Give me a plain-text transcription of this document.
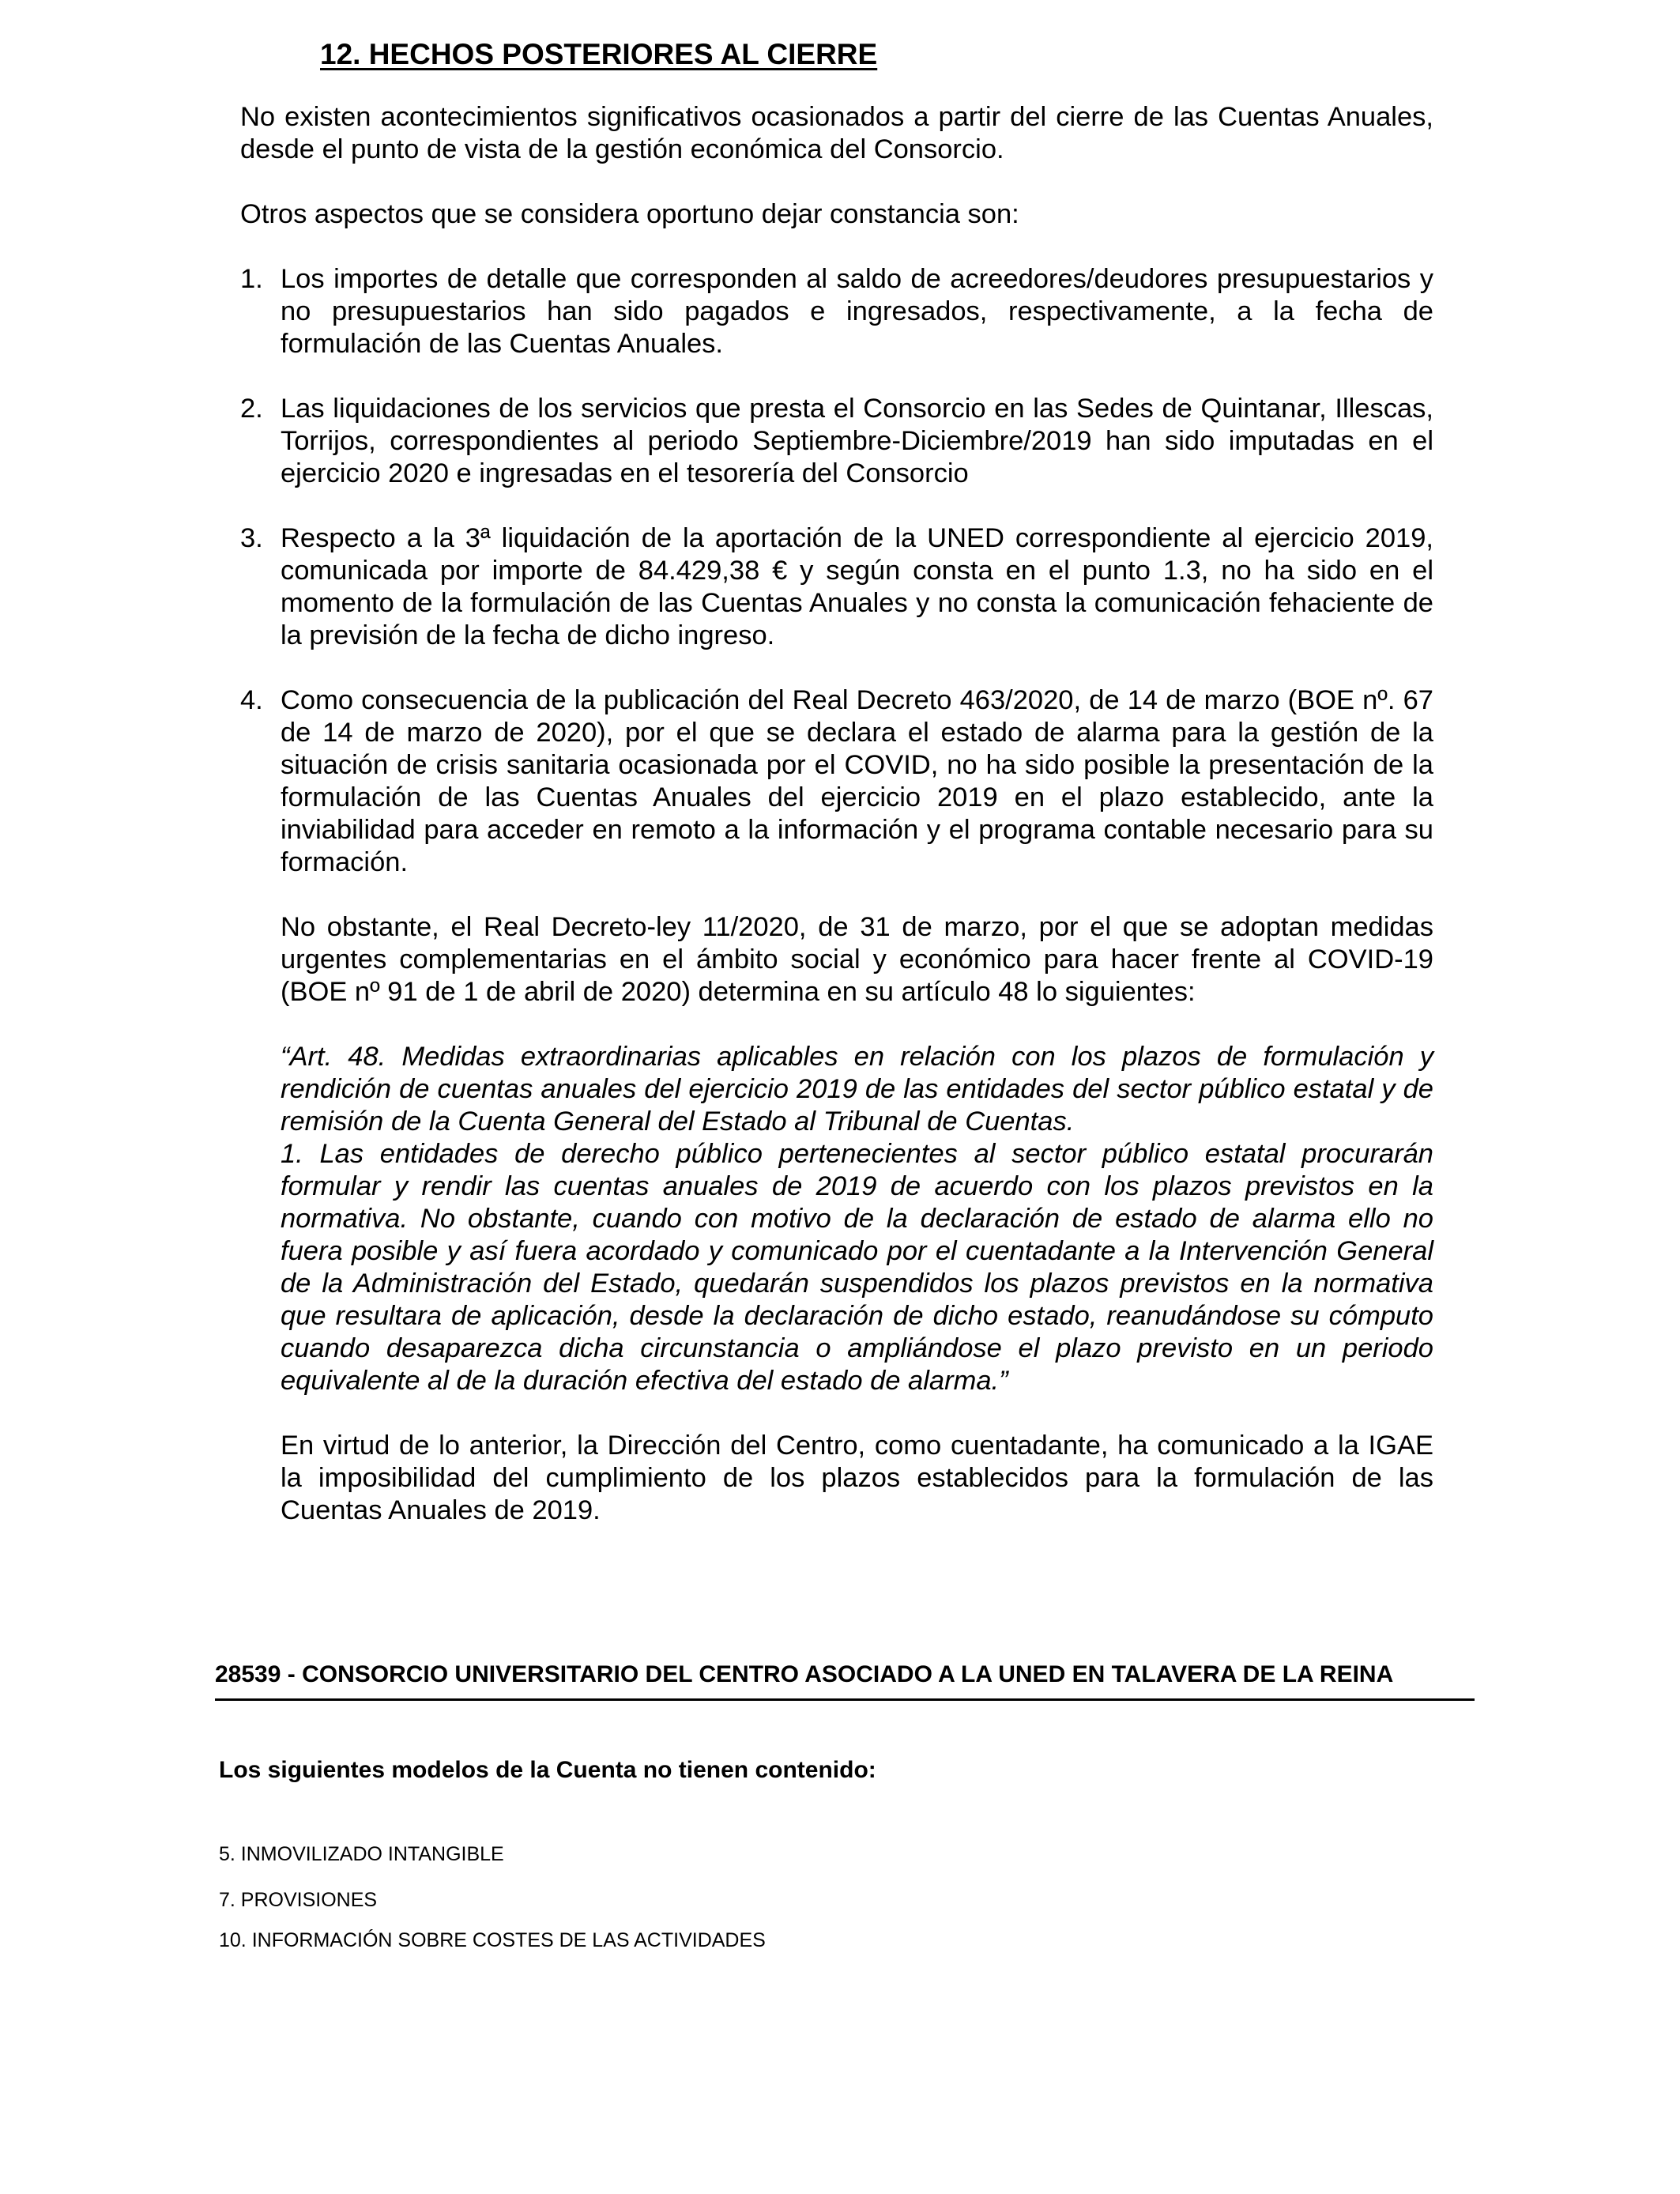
12. HECHOS POSTERIORES AL CIERRE

No existen acontecimientos significativos ocasionados a partir del cierre de las Cuentas Anuales, desde el punto de vista de la gestión económica del Consorcio.

Otros aspectos que se considera oportuno dejar constancia son:

1. Los importes de detalle que corresponden al saldo de acreedores/deudores presupuestarios y no presupuestarios han sido pagados e ingresados, respectivamente, a la fecha de formulación de las Cuentas Anuales.

2. Las liquidaciones de los servicios que presta el Consorcio en las Sedes de Quintanar, Illescas, Torrijos, correspondientes al periodo Septiembre-Diciembre/2019 han sido imputadas en el ejercicio 2020 e ingresadas en el tesorería del Consorcio

3. Respecto a la 3ª liquidación de la aportación de la UNED correspondiente al ejercicio 2019, comunicada por importe de 84.429,38 € y según consta en el punto 1.3, no ha sido en el momento de la formulación de las Cuentas Anuales y no consta la comunicación fehaciente de la previsión de la fecha de dicho ingreso.

4. Como consecuencia de la publicación del Real Decreto 463/2020, de 14 de marzo (BOE nº. 67 de 14 de marzo de 2020), por el que se declara el estado de alarma para la gestión de la situación de crisis sanitaria ocasionada por el COVID, no ha sido posible la presentación de la formulación de las Cuentas Anuales del ejercicio 2019 en el plazo establecido, ante la inviabilidad para acceder en remoto a la información y el programa contable necesario para su formación.

No obstante, el Real Decreto-ley 11/2020, de 31 de marzo, por el que se adoptan medidas urgentes complementarias en el ámbito social y económico para hacer frente al COVID-19 (BOE nº 91 de 1 de abril de 2020) determina en su artículo 48 lo siguientes:

“Art. 48. Medidas extraordinarias aplicables en relación con los plazos de formulación y rendición de cuentas anuales del ejercicio 2019 de las entidades del sector público estatal y de remisión de la Cuenta General del Estado al Tribunal de Cuentas.
1. Las entidades de derecho público pertenecientes al sector público estatal procurarán formular y rendir las cuentas anuales de 2019 de acuerdo con los plazos previstos en la normativa. No obstante, cuando con motivo de la declaración de estado de alarma ello no fuera posible y así fuera acordado y comunicado por el cuentadante a la Intervención General de la Administración del Estado, quedarán suspendidos los plazos previstos en la normativa que resultara de aplicación, desde la declaración de dicho estado, reanudándose su cómputo cuando desaparezca dicha circunstancia o ampliándose el plazo previsto en un periodo equivalente al de la duración efectiva del estado de alarma.”

En virtud de lo anterior, la Dirección del Centro, como cuentadante, ha comunicado a la IGAE la imposibilidad del cumplimiento de los plazos establecidos para la formulación de las Cuentas Anuales de 2019.

28539 - CONSORCIO UNIVERSITARIO DEL CENTRO ASOCIADO A LA UNED EN TALAVERA DE LA REINA
Los siguientes modelos de la Cuenta no tienen contenido:
5. INMOVILIZADO INTANGIBLE
7. PROVISIONES
10. INFORMACIÓN SOBRE COSTES DE LAS ACTIVIDADES
